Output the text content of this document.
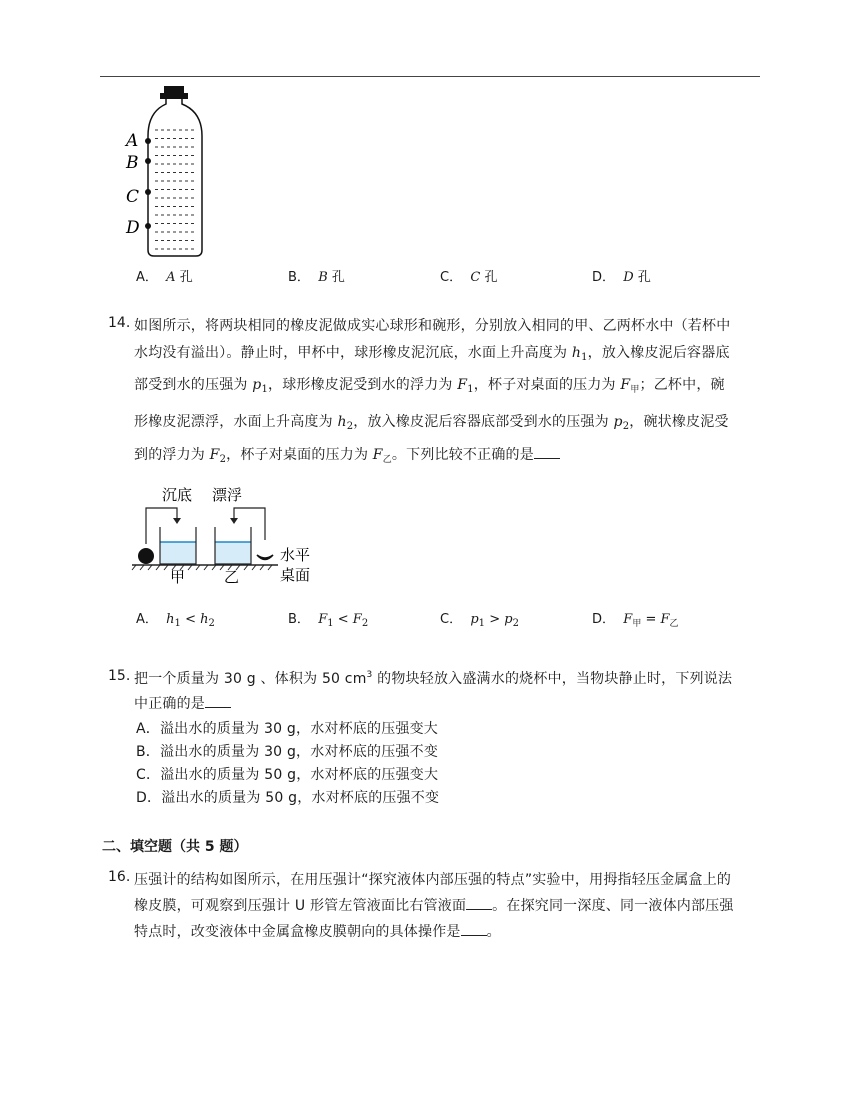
A
B
C
D
A． A 孔	B． B 孔	C． C 孔	D． D 孔
14. 如图所示，将两块相同的橡皮泥做成实心球形和碗形，分别放入相同的甲、乙两杯水中（若杯中
水均没有溢出）。静止时，甲杯中，球形橡皮泥沉底，水面上升高度为 $h_1$，放入橡皮泥后容器底
部受到水的压强为 $p_1$，球形橡皮泥受到水的浮力为 $F_1$，杯子对桌面的压力为 $F_甲$；乙杯中，碗
形橡皮泥漂浮，水面上升高度为 $h_2$，放入橡皮泥后容器底部受到水的压强为 $p_2$，碗状橡皮泥受
到的浮力为 $F_2$，杯子对桌面的压力为 $F_乙$。下列比较不正确的是
沉底 漂浮
甲	乙
水平
桌面
A． $h_1 < h_2$	B． $F_1 < F_2$	C． $p_1 > p_2$	D． $F_甲 = F_乙$
15. 把一个质量为 30 g 、体积为 50 $cm^3$ 的物块轻放入盛满水的烧杯中，当物块静止时，下列说法
中正确的是
A．溢出水的质量为 30 g，水对杯底的压强变大
B．溢出水的质量为 30 g，水对杯底的压强不变
C．溢出水的质量为 50 g，水对杯底的压强变大
D．溢出水的质量为 50 g，水对杯底的压强不变
二、填空题（共 5 题）
16. 压强计的结构如图所示，在用压强计“探究液体内部压强的特点”实验中，用拇指轻压金属盒上的
橡皮膜，可观察到压强计 U 形管左管液面比右管液面 。在探究同一深度、同一液体内部压强
特点时，改变液体中金属盒橡皮膜朝向的具体操作是 。
